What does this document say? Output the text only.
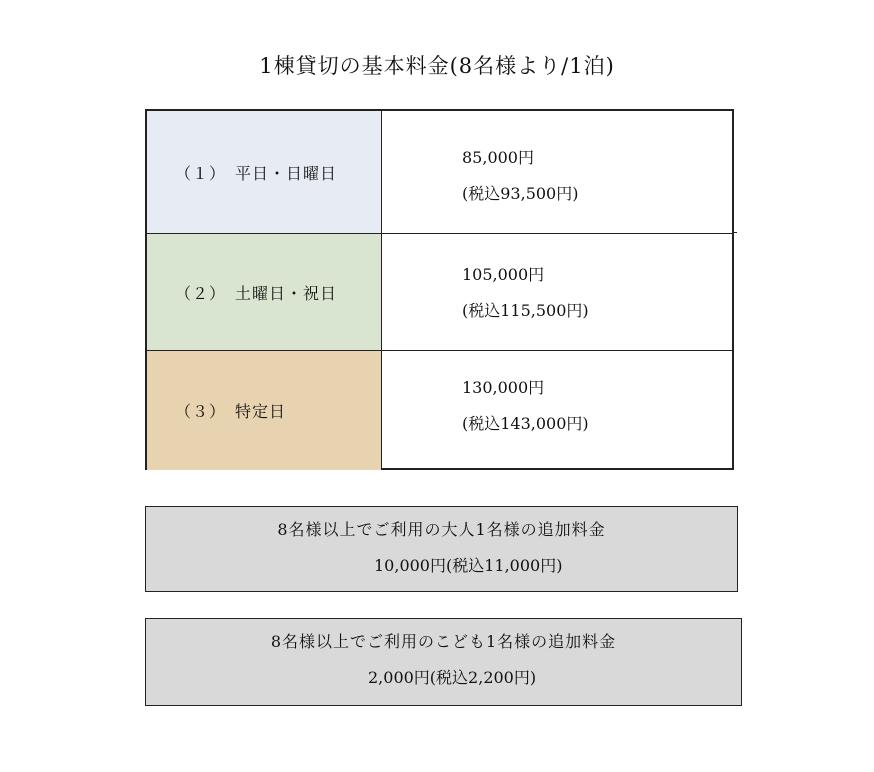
1棟貸切の基本料金(8名様より/1泊)
（１）　平日・日曜日
85,000円
(税込93,500円)
（２）　土曜日・祝日
105,000円
(税込115,500円)
（３）　特定日
130,000円
(税込143,000円)
8名様以上でご利用の大人1名様の追加料金
10,000円(税込11,000円)
8名様以上でご利用のこども1名様の追加料金
2,000円(税込2,200円)
